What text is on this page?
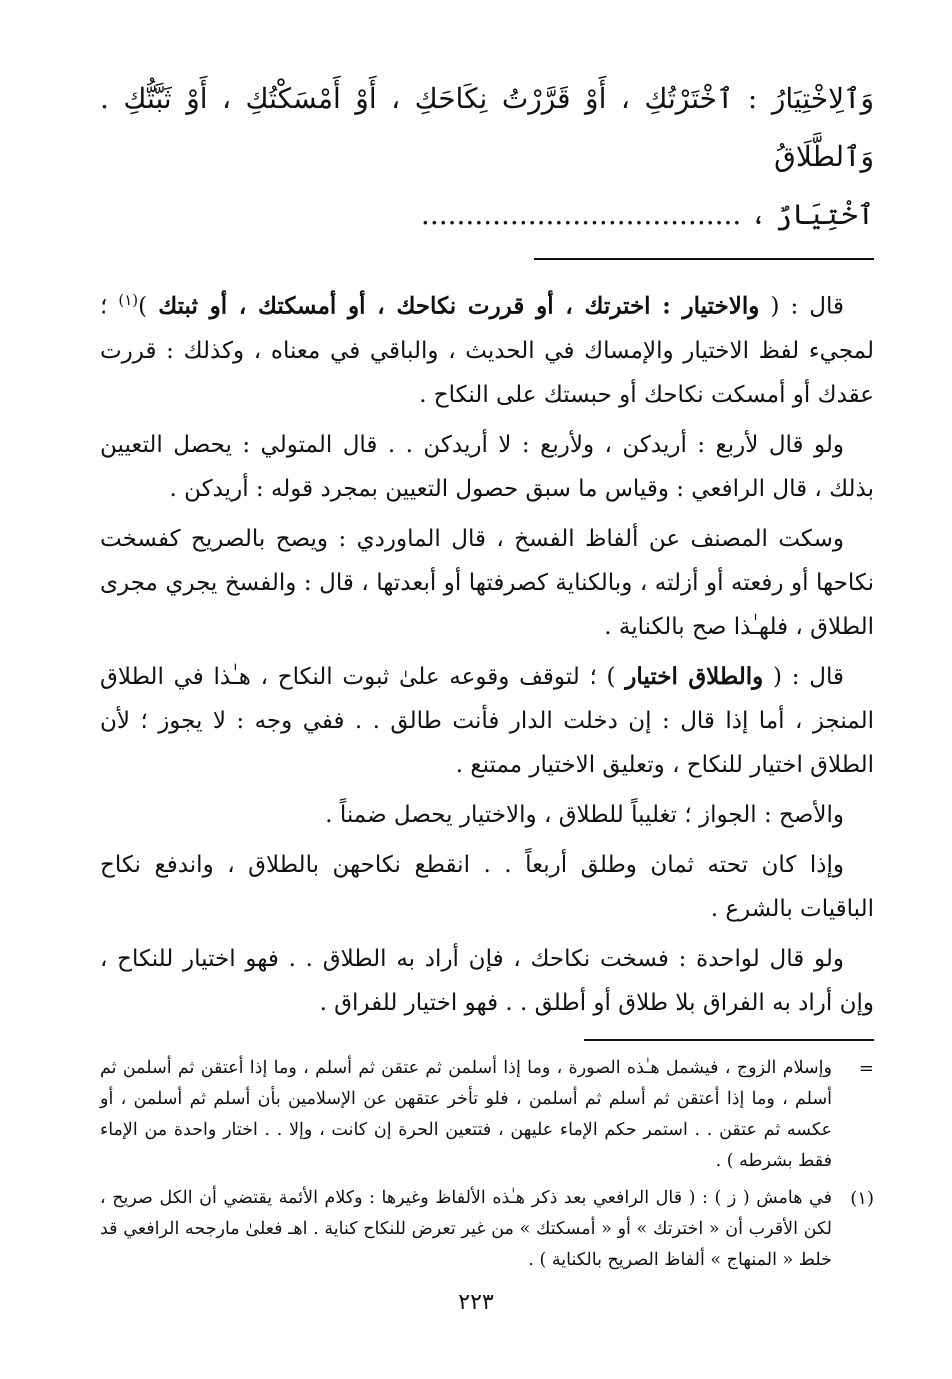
وَٱلِاخْتِيَارُ : ٱخْتَرْتُكِ ، أَوْ قَرَّرْتُ نِكَاحَكِ ، أَوْ أَمْسَكْتُكِ ، أَوْ ثَبَّتُّكِ . وَٱلطَّلَاقُ
ٱخْتِيَارٌ ، ....................................

قال : ( والاختيار : اخترتك ، أو قررت نكاحك ، أو أمسكتك ، أو ثبتك )$^{(١)}$ ؛ لمجيء لفظ الاختيار والإمساك في الحديث ، والباقي في معناه ، وكذلك : قررت عقدك أو أمسكت نكاحك أو حبستك على النكاح .

ولو قال لأربع : أريدكن ، ولأربع : لا أريدكن . . قال المتولي : يحصل التعيين بذلك ، قال الرافعي : وقياس ما سبق حصول التعيين بمجرد قوله : أريدكن .

وسكت المصنف عن ألفاظ الفسخ ، قال الماوردي : ويصح بالصريح كفسخت نكاحها أو رفعته أو أزلته ، وبالكناية كصرفتها أو أبعدتها ، قال : والفسخ يجري مجرى الطلاق ، فلهـٰذا صح بالكناية .

قال : ( والطلاق اختيار ) ؛ لتوقف وقوعه علىٰ ثبوت النكاح ، هـٰذا في الطلاق المنجز ، أما إذا قال : إن دخلت الدار فأنت طالق . . ففي وجه : لا يجوز ؛ لأن الطلاق اختيار للنكاح ، وتعليق الاختيار ممتنع .

والأصح : الجواز ؛ تغليباً للطلاق ، والاختيار يحصل ضمناً .

وإذا كان تحته ثمان وطلق أربعاً . . انقطع نكاحهن بالطلاق ، واندفع نكاح الباقيات بالشرع .

ولو قال لواحدة : فسخت نكاحك ، فإن أراد به الطلاق . . فهو اختيار للنكاح ، وإن أراد به الفراق بلا طلاق أو أطلق . . فهو اختيار للفراق .

=
وإسلام الزوج ، فيشمل هـٰذه الصورة ، وما إذا أسلمن ثم عتقن ثم أسلم ، وما إذا أعتقن ثم أسلمن ثم أسلم ، وما إذا أعتقن ثم أسلم ثم أسلمن ، فلو تأخر عتقهن عن الإسلامين بأن أسلم ثم أسلمن ، أو عكسه ثم عتقن . . استمر حكم الإماء عليهن ، فتتعين الحرة إن كانت ، وإلا . . اختار واحدة من الإماء فقط بشرطه ) .
(١)
في هامش ( ز ) : ( قال الرافعي بعد ذكر هـٰذه الألفاظ وغيرها : وكلام الأئمة يقتضي أن الكل صريح ، لكن الأقرب أن « اخترتك » أو « أمسكتك » من غير تعرض للنكاح كناية . اهـ فعلىٰ مارجحه الرافعي قد خلط « المنهاج » ألفاظ الصريح بالكناية ) .
٢٢٣
